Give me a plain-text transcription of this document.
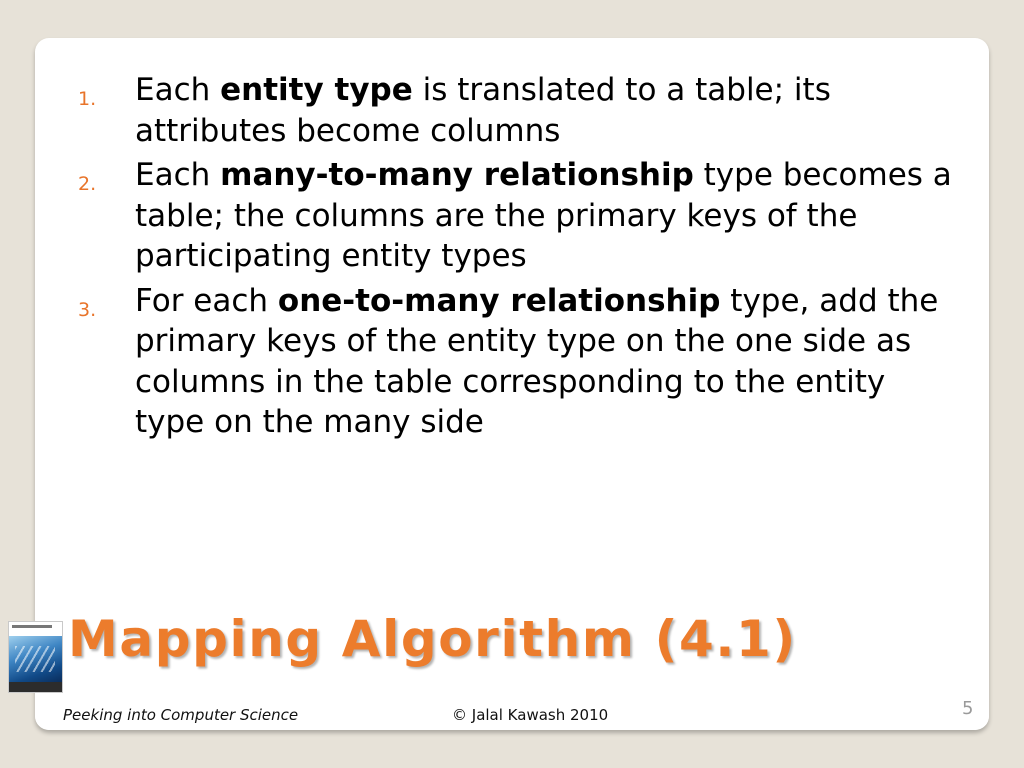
1. Each entity type is translated to a table; its attributes become columns
2. Each many-to-many relationship type becomes a table; the columns are the primary keys of the participating entity types
3. For each one-to-many relationship type, add the primary keys of the entity type on the one side as columns in the table corresponding to the entity type on the many side
Mapping Algorithm (4.1)
Peeking into Computer Science	© Jalal Kawash 2010	5
